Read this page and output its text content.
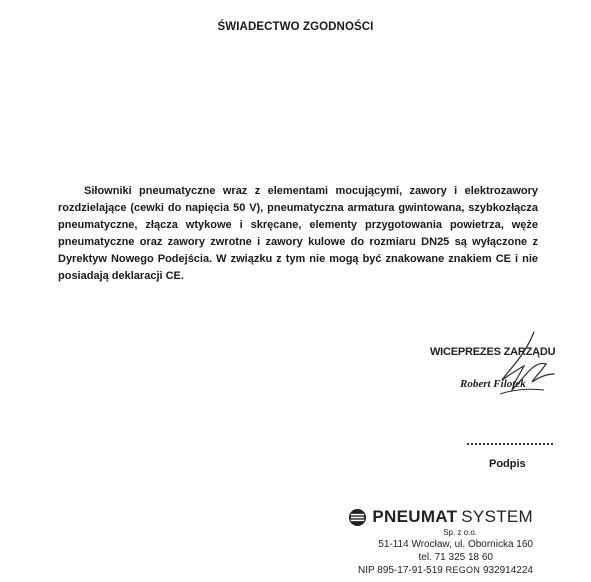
ŚWIADECTWO ZGODNOŚCI
Siłowniki pneumatyczne wraz z elementami mocującymi, zawory i elektrozawory rozdzielające (cewki do napięcia 50 V), pneumatyczna armatura gwintowana, szybkozłącza pneumatyczne, złącza wtykowe i skręcane, elementy przygotowania powietrza, węże pneumatyczne oraz zawory zwrotne i zawory kulowe do rozmiaru DN25 są wyłączone z Dyrektyw Nowego Podejścia. W związku z tym nie mogą być znakowane znakiem CE i nie posiadają deklaracji CE.
WICEPREZES ZARZĄDU
Robert Filotek
Podpis
PNEUMAT SYSTEM
Sp. z o.o.
51-114 Wrocław, ul. Obornicka 160
tel. 71 325 18 60
NIP 895-17-91-519 REGON 932914224
